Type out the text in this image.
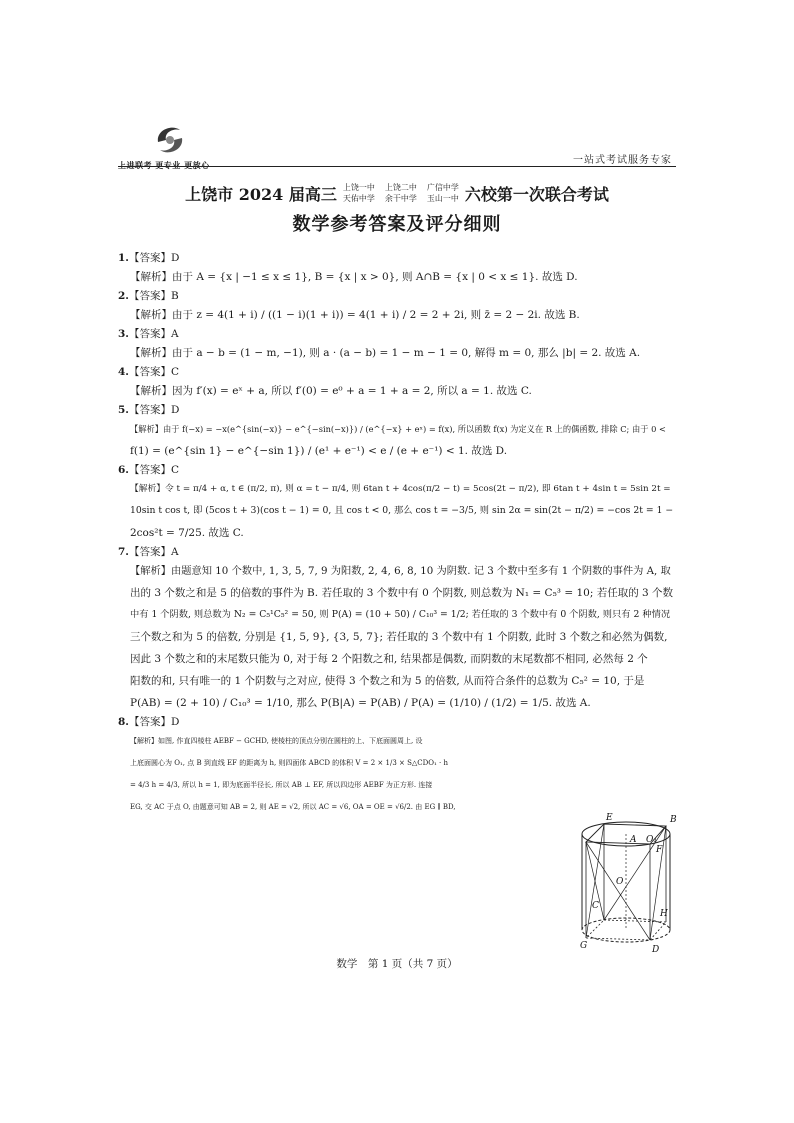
上进联考 更专业 更放心	一站式考试服务专家
上饶市 2024 届高三 上饶一中 上饶二中 广信中学
天佑中学 余干中学 玉山一中 六校第一次联合考试
数学参考答案及评分细则
1.【答案】D
【解析】由于 A = {x | −1 ≤ x ≤ 1}, B = {x | x > 0}, 则 A∩B = {x | 0 < x ≤ 1}. 故选 D.
2.【答案】B
【解析】由于 z = 4(1 + i) / ((1 − i)(1 + i)) = 4(1 + i) / 2 = 2 + 2i, 则 z̄ = 2 − 2i. 故选 B.
3.【答案】A
【解析】由于 a − b = (1 − m, −1), 则 a · (a − b) = 1 − m − 1 = 0, 解得 m = 0, 那么 |b| = 2. 故选 A.
4.【答案】C
【解析】因为 f′(x) = eˣ + a, 所以 f′(0) = e⁰ + a = 1 + a = 2, 所以 a = 1. 故选 C.
5.【答案】D
【解析】由于 f(−x) = −x(e^{sin(−x)} − e^{−sin(−x)}) / (e^{−x} + eˣ) = f(x), 所以函数 f(x) 为定义在 R 上的偶函数, 排除 C; 由于 0 <
f(1) = (e^{sin 1} − e^{−sin 1}) / (e¹ + e⁻¹) < e / (e + e⁻¹) < 1. 故选 D.
6.【答案】C
【解析】令 t = π/4 + α, t ∈ (π/2, π), 则 α = t − π/4, 则 6tan t + 4cos(π/2 − t) = 5cos(2t − π/2), 即 6tan t + 4sin t = 5sin 2t =
10sin t cos t, 即 (5cos t + 3)(cos t − 1) = 0, 且 cos t < 0, 那么 cos t = −3/5, 则 sin 2α = sin(2t − π/2) = −cos 2t = 1 −
2cos²t = 7/25. 故选 C.
7.【答案】A
【解析】由题意知 10 个数中, 1, 3, 5, 7, 9 为阳数, 2, 4, 6, 8, 10 为阴数. 记 3 个数中至多有 1 个阴数的事件为 A, 取
出的 3 个数之和是 5 的倍数的事件为 B. 若任取的 3 个数中有 0 个阴数, 则总数为 N₁ = C₅³ = 10; 若任取的 3 个数
中有 1 个阴数, 则总数为 N₂ = C₅¹C₅² = 50, 则 P(A) = (10 + 50) / C₁₀³ = 1/2; 若任取的 3 个数中有 0 个阴数, 则只有 2 种情况
三个数之和为 5 的倍数, 分别是 {1, 5, 9}, {3, 5, 7}; 若任取的 3 个数中有 1 个阴数, 此时 3 个数之和必然为偶数,
因此 3 个数之和的末尾数只能为 0, 对于每 2 个阳数之和, 结果都是偶数, 而阴数的末尾数都不相同, 必然每 2 个
阳数的和, 只有唯一的 1 个阴数与之对应, 使得 3 个数之和为 5 的倍数, 从而符合条件的总数为 C₅² = 10, 于是
P(AB) = (2 + 10) / C₁₀³ = 1/10, 那么 P(B|A) = P(AB) / P(A) = (1/10) / (1/2) = 1/5. 故选 A.
8.【答案】D
【解析】如图, 作直四棱柱 AEBF − GCHD, 使棱柱的顶点分别在圆柱的上、下底面圆周上, 设
上底面圆心为 O₁, 点 B 到直线 EF 的距离为 h, 则四面体 ABCD 的体积 V = 2 × 1/3 × S△CDO₁ · h
= 4/3 h = 4/3, 所以 h = 1, 即为底面半径长, 所以 AB ⊥ EF, 所以四边形 AEBF 为正方形. 连接
EG, 交 AC 于点 O, 由题意可知 AB = 2, 则 AE = √2, 所以 AC = √6, OA = OE = √6/2. 由 EG ∥ BD,
E	B
A O₁
F
O
C
H
G	D
数学　第 1 页（共 7 页）
